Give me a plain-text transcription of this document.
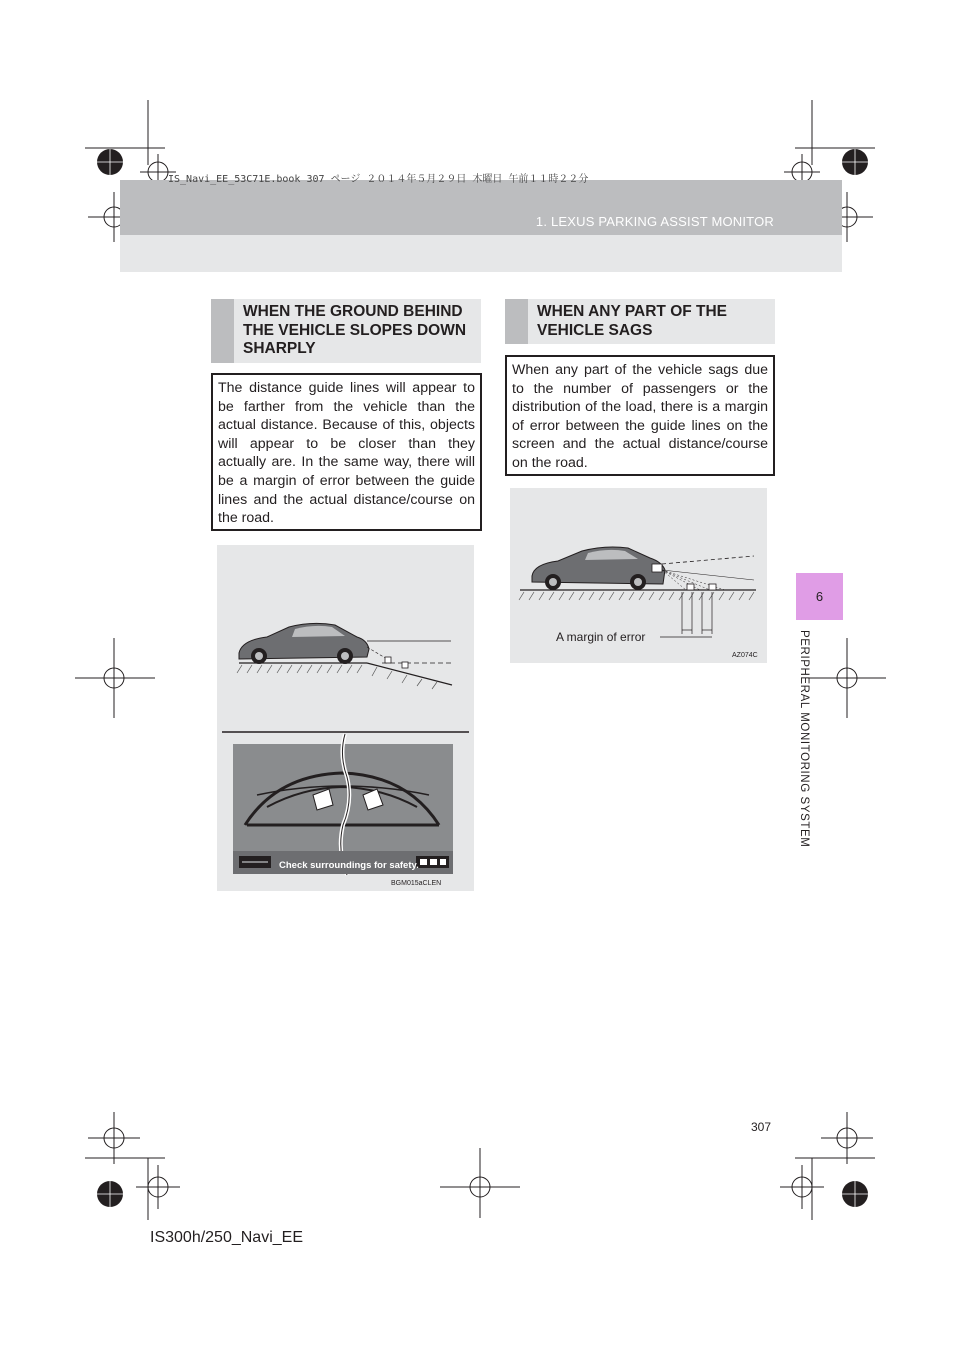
IS_Navi_EE_53C71E.book 307 ページ ２０１４年５月２９日 木曜日 午前１１時２２分
1. LEXUS PARKING ASSIST MONITOR
6
PERIPHERAL MONITORING SYSTEM
WHEN THE GROUND BEHIND THE VEHICLE SLOPES DOWN SHARPLY
The distance guide lines will appear to be farther from the vehicle than the actual distance. Because of this, objects will appear to be closer than they actually are. In the same way, there will be a margin of error between the guide lines and the actual distance/course on the road.
Check surroundings for safety.
BGM015aCLEN
WHEN ANY PART OF THE VEHICLE SAGS
When any part of the vehicle sags due to the number of passengers or the distribution of the load, there is a margin of error between the guide lines on the screen and the actual distance/course on the road.
A margin of error
AZ074C
307
IS300h/250_Navi_EE
